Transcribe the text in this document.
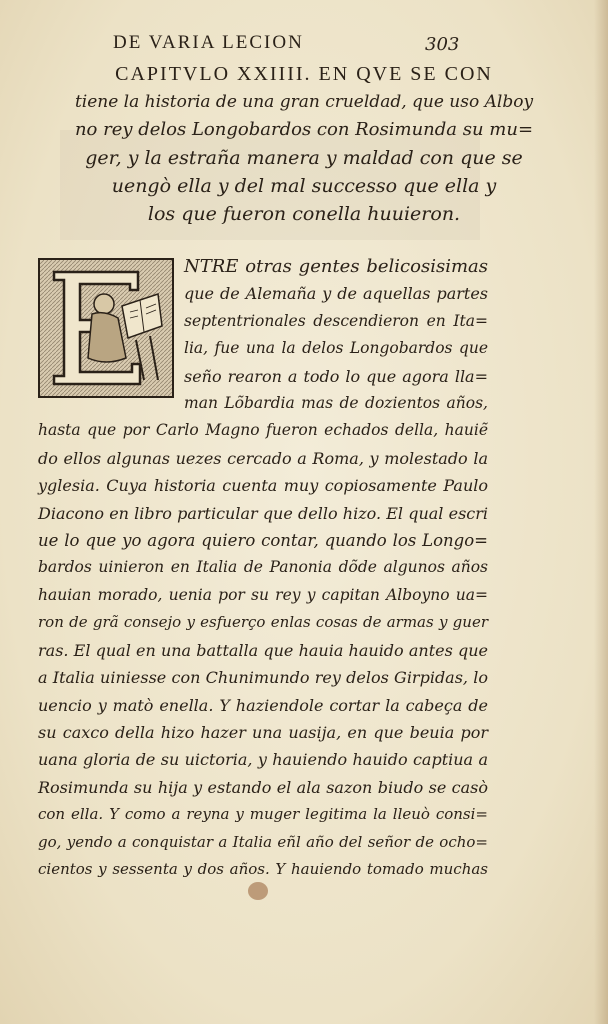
DE VARIA LECION	303

CAPITVLO XXIIII. EN QVE SE CON

tiene la historia de una gran crueldad, que uso Alboy

no rey delos Longobardos con Rosimunda su mu=

ger, y la estraña manera y maldad con que se

uengò ella y del mal successo que ella y

los que fueron conella huuieron.

NTRE otras gentes belicosisimas
que de Alemaña y de aquellas partes
septentrionales descendieron en Ita=
lia, fue una la delos Longobardos que
seño rearon a todo lo que agora lla=
man Lõbardia mas de dozientos años,
hasta que por Carlo Magno fueron echados della, hauiẽ
do ellos algunas uezes cercado a Roma, y molestado la
yglesia. Cuya historia cuenta muy copiosamente Paulo
Diacono en libro particular que dello hizo. El qual escri
ue lo que yo agora quiero contar, quando los Longo=
bardos uinieron en Italia de Panonia dõde algunos años
hauian morado, uenia por su rey y capitan Alboyno ua=
ron de grã consejo y esfuerço enlas cosas de armas y guer
ras. El qual en una battalla que hauia hauido antes que
a Italia uiniesse con Chunimundo rey delos Girpidas, lo
uencio y matò enella. Y haziendole cortar la cabeça de
su caxco della hizo hazer una uasija, en que beuia por
uana gloria de su uictoria, y hauiendo hauido captiua a
Rosimunda su hija y estando el ala sazon biudo se casò
con ella. Y como a reyna y muger legitima la lleuò consi=
go, yendo a conquistar a Italia eñl año del señor de ocho=
cientos y sessenta y dos años. Y hauiendo tomado muchas
